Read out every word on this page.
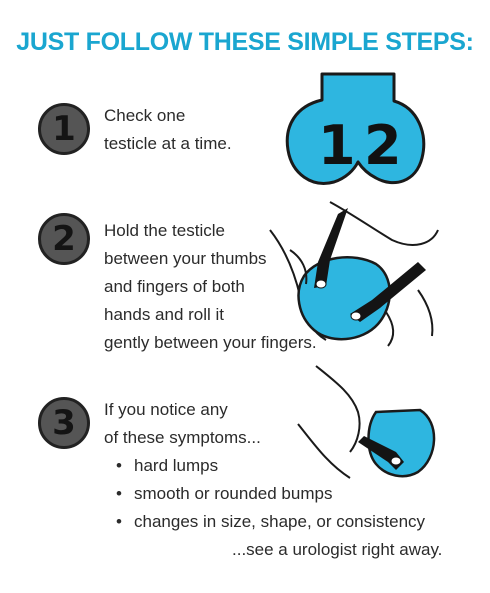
JUST FOLLOW THESE SIMPLE STEPS:
1	Check one
testicle at a time. 1 2
2	Hold the testicle
between your thumbs
and fingers of both
hands and roll it
gently between your fingers.
3	If you notice any
of these symptoms...
• hard lumps
• smooth or rounded bumps
• changes in size, shape, or consistency
...see a urologist right away.
